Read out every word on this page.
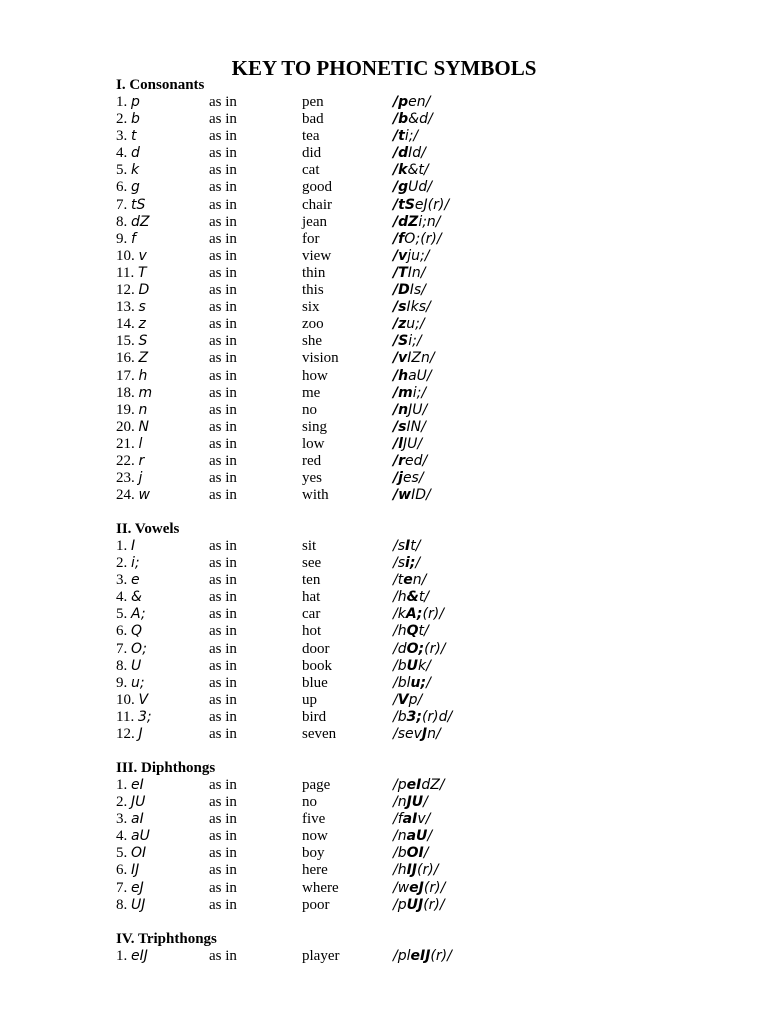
KEY TO PHONETIC SYMBOLS
I. Consonants
1. p	as in	pen	/pen/
2. b	as in	bad	/b&d/
3. t	as in	tea	/ti;/
4. d	as in	did	/dId/
5. k	as in	cat	/k&t/
6. g	as in	good	/gUd/
7. tS	as in	chair	/tSeJ(r)/
8. dZ	as in	jean	/dZi;n/
9. f	as in	for	/fO;(r)/
10. v	as in	view	/vju;/
11. T	as in	thin	/TIn/
12. D	as in	this	/DIs/
13. s	as in	six	/sIks/
14. z	as in	zoo	/zu;/
15. S	as in	she	/Si;/
16. Z	as in	vision	/vIZn/
17. h	as in	how	/haU/
18. m	as in	me	/mi;/
19. n	as in	no	/nJU/
20. N	as in	sing	/sIN/
21. l	as in	low	/lJU/
22. r	as in	red	/red/
23. j	as in	yes	/jes/
24. w	as in	with	/wID/
II. Vowels
1. I	as in	sit	/sIt/
2. i;	as in	see	/si;/
3. e	as in	ten	/ten/
4. &	as in	hat	/h&t/
5. A;	as in	car	/kA;(r)/
6. Q	as in	hot	/hQt/
7. O;	as in	door	/dO;(r)/
8. U	as in	book	/bUk/
9. u;	as in	blue	/blu;/
10. V	as in	up	/Vp/
11. 3;	as in	bird	/b3;(r)d/
12. J	as in	seven	/sevJn/
III. Diphthongs
1. eI	as in	page	/peIdZ/
2. JU	as in	no	/nJU/
3. aI	as in	five	/faIv/
4. aU	as in	now	/naU/
5. OI	as in	boy	/bOI/
6. IJ	as in	here	/hIJ(r)/
7. eJ	as in	where	/weJ(r)/
8. UJ	as in	poor	/pUJ(r)/
IV. Triphthongs
1. eIJ	as in	player	/pleIJ(r)/
